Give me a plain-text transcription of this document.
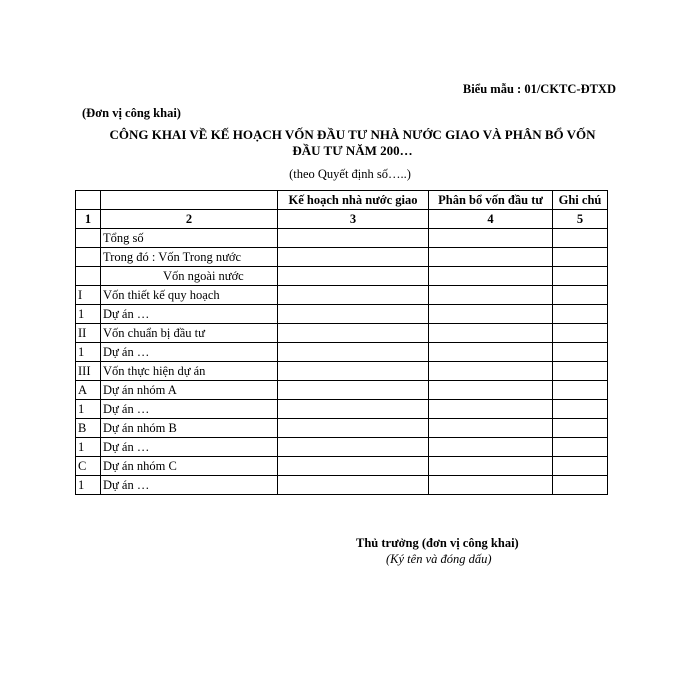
Biểu mẫu : 01/CKTC-ĐTXD
(Đơn vị công khai)
CÔNG KHAI VỀ KẾ HOẠCH VỐN ĐẦU TƯ NHÀ NƯỚC GIAO VÀ PHÂN BỔ VỐN
ĐẦU TƯ NĂM 200…
(theo Quyết định số…..)
		Kế hoạch nhà nước giao	Phân bổ vốn đầu tư	Ghi chú
1	2	3	4	5
	Tổng số			
	Trong đó : Vốn Trong nước			
	Vốn ngoài nước			
I	Vốn thiết kế quy hoạch			
1	Dự án …			
II	Vốn chuẩn bị đầu tư			
1	Dự án …			
III	Vốn thực hiện dự án			
A	Dự án nhóm A			
1	Dự án …			
B	Dự án nhóm B			
1	Dự án …			
C	Dự án nhóm C			
1	Dự án …			
Thủ trưởng (đơn vị công khai)
(Ký tên và đóng dấu)
